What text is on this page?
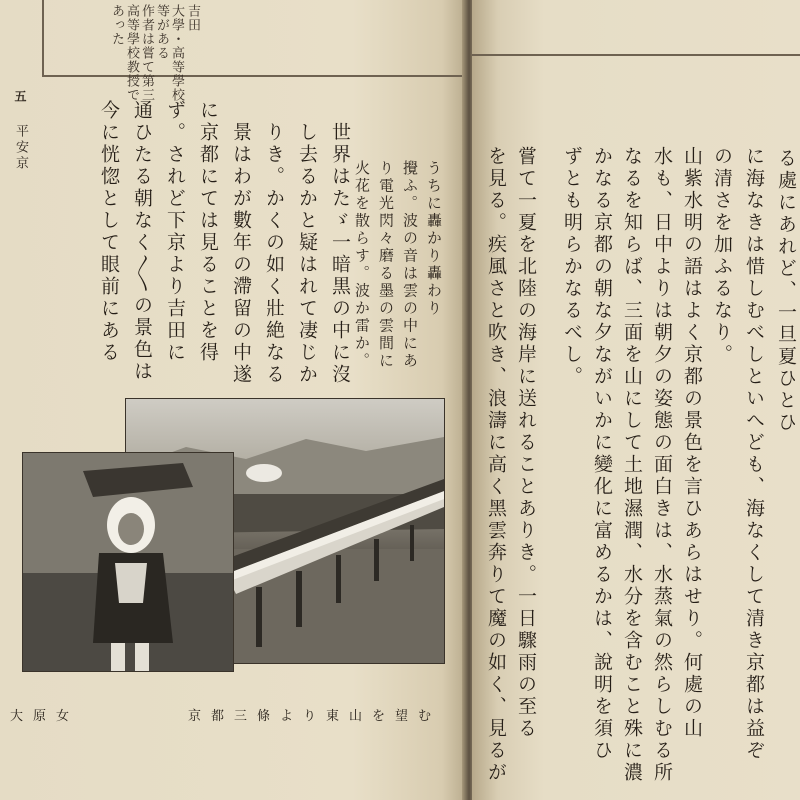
吉田
大學・高等學校
等がある
作者は嘗て第三
高等學校教授で
あった
五
平安京
うちに轟かり轟わり
攪ふ。波の音は雲の中にあ
り電光閃々磨る墨の雲間に
火花を散らす。波か雷か。
世界はたゞ一暗黒の中に沒
し去るかと疑はれて凄じか
りき。かくの如く壯絶なる
景はわが數年の滯留の中遂
に京都にては見ることを得
ず。されど下京より吉田に
通ひたる朝なく〳〵の景色は
今に恍惚として眼前にある
京都三條より東山を望む
大原女
る處にあれど、一旦夏ひとひ
に海なきは惜しむべしといへども、海なくして清き京都は益ぞ
の清さを加ふるなり。
山紫水明の語はよく京都の景色を言ひあらはせり。何處の山
水も、日中よりは朝夕の姿態の面白きは、水蒸氣の然らしむる所
なるを知らば、三面を山にして土地濕潤、水分を含むこと殊に濃
かなる京都の朝な夕ながいかに變化に富めるかは、說明を須ひ
ずとも明らかなるべし。
嘗て一夏を北陸の海岸に送れることありき。一日驟雨の至る
を見る。疾風さと吹き、浪濤に高く黑雲奔りて魔の如く、見るが
